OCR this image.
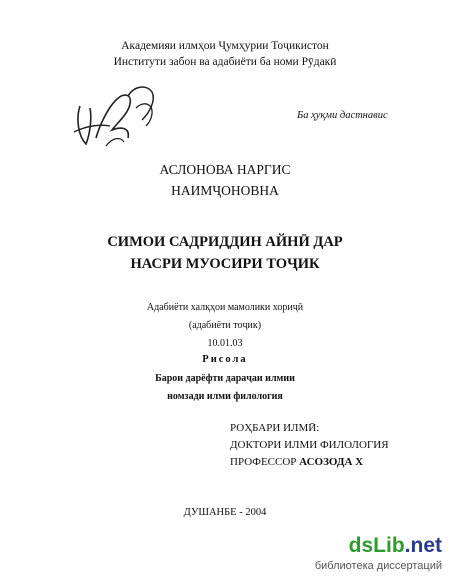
Академияи илмҳои Ҷумҳурии Тоҷикистон
Институти забон ва адабиёти ба номи Рӯдакӣ
Ба ҳуқми дастнавис
АСЛОНОВА НАРГИС
НАИМҶОНОВНА
СИМОИ САДРИДДИН АЙНӢ ДАР
НАСРИ МУОСИРИ ТОҶИК
Адабиёти халқҳои мамолики хориҷӣ
(адабиёти тоҷик)
10.01.03
Рисола
Барои дарёфти дараҷаи илмии
номзади илми филология
РОҲБАРИ ИЛМӢ:
ДОКТОРИ ИЛМИ ФИЛОЛОГИЯ
ПРОФЕССОР АСОЗОДА Х
ДУШАНБЕ - 2004
dsLib.net
библиотека диссертаций
